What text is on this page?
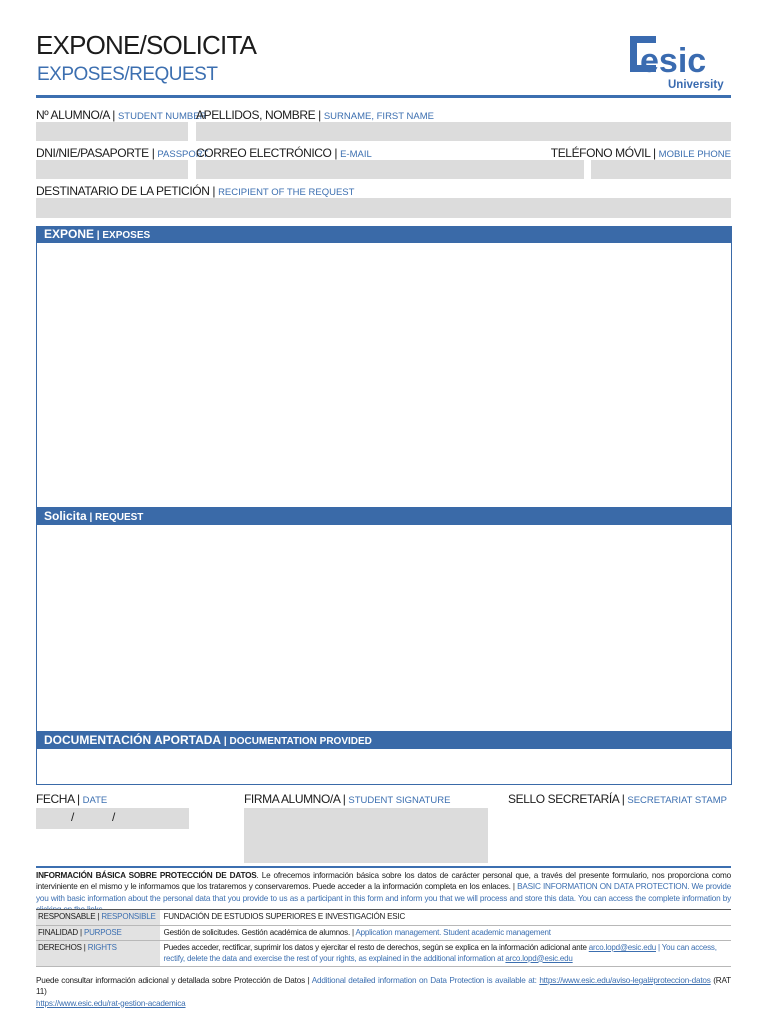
EXPONE/SOLICITA
EXPOSES/REQUEST	esic
University
Nº ALUMNO/A | STUDENT NUMBER
APELLIDOS, NOMBRE | SURNAME, FIRST NAME
DNI/NIE/PASAPORTE | PASSPORT
CORREO ELECTRÓNICO | E-MAIL	TELÉFONO MÓVIL | MOBILE PHONE
DESTINATARIO DE LA PETICIÓN | RECIPIENT OF THE REQUEST
EXPONE | EXPOSES
Solicita | REQUEST
DOCUMENTACIÓN APORTADA | DOCUMENTATION PROVIDED
FECHA | DATE
/	/
FIRMA ALUMNO/A | STUDENT SIGNATURE	SELLO SECRETARÍA | SECRETARIAT STAMP
INFORMACIÓN BÁSICA SOBRE PROTECCIÓN DE DATOS. Le ofrecemos información básica sobre los datos de carácter personal que, a través del presente formulario, nos proporciona como interviniente en el mismo y le informamos que los trataremos y conservaremos. Puede acceder a la información completa en los enlaces. | BASIC INFORMATION ON DATA PROTECTION. We provide you with basic information about the personal data that you provide to us as a participant in this form and inform you that we will process and store this data. You can access the complete information by
RESPONSABLE | RESPONSIBLE	FUNDACIÓN DE ESTUDIOS SUPERIORES E INVESTIGACIÓN ESIC
FINALIDAD | PURPOSE	Gestión de solicitudes. Gestión académica de alumnos. | Application management. Student academic management
DERECHOS | RIGHTS	Puedes acceder, rectificar, suprimir los datos y ejercitar el resto de derechos, según se explica en la información adicional ante arco.lopd@esic.edu | You can access, rectify, delete the data and exercise the rest of your rights, as explained in the additional information at arco.lopd@esic.edu
Puede consultar información adicional y detallada sobre Protección de Datos | Additional detailed information on Data Protection is available at: https://www.esic.edu/aviso-legal#proteccion-datos (RAT 11)
https://www.esic.edu/rat-gestion-academica
